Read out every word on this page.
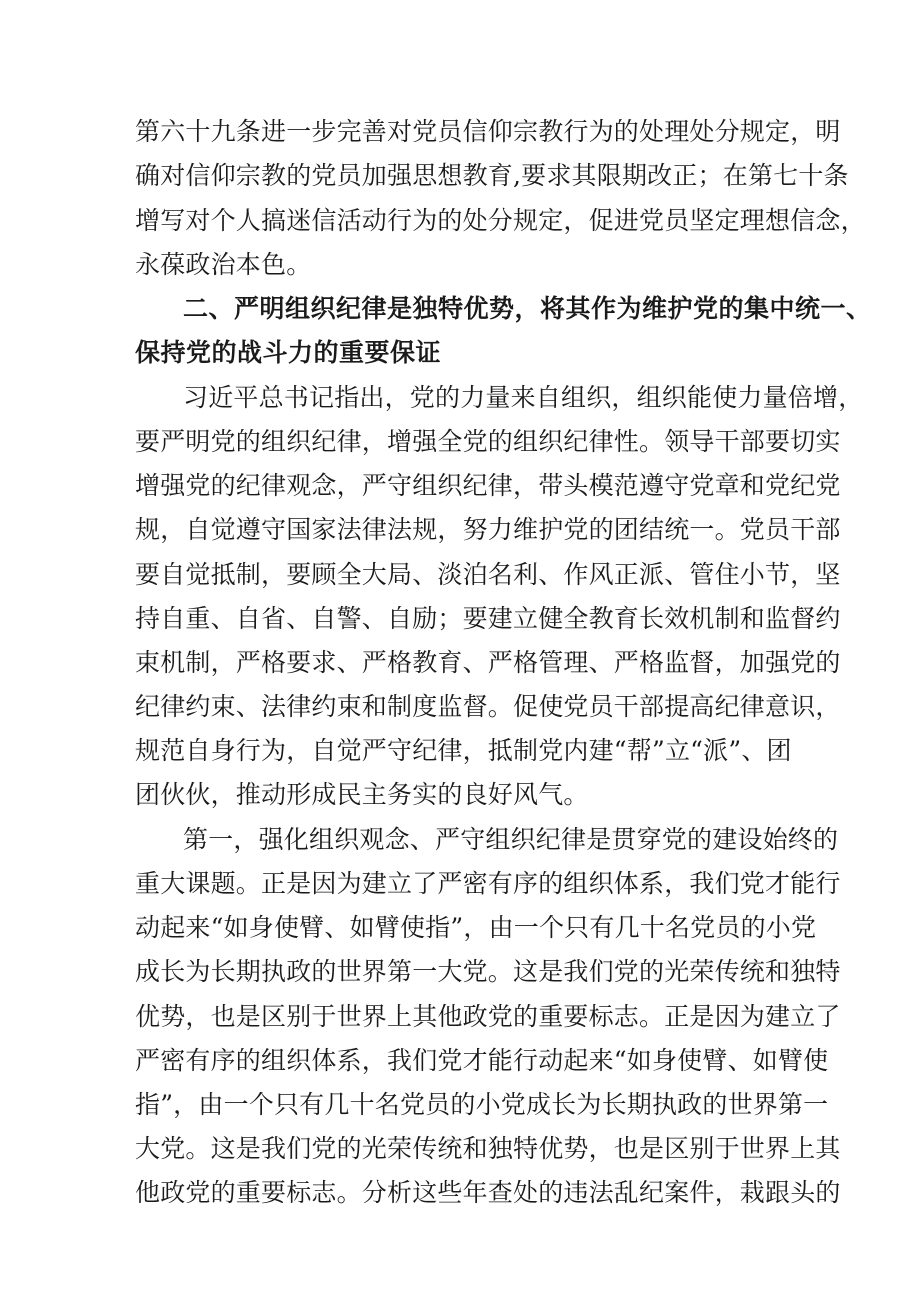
第六十九条进一步完善对党员信仰宗教行为的处理处分规定，明
确对信仰宗教的党员加强思想教育,要求其限期改正；在第七十条
增写对个人搞迷信活动行为的处分规定，促进党员坚定理想信念，
永葆政治本色。
二、严明组织纪律是独特优势，将其作为维护党的集中统一、
保持党的战斗力的重要保证
习近平总书记指出，党的力量来自组织，组织能使力量倍增，
要严明党的组织纪律，增强全党的组织纪律性。领导干部要切实
增强党的纪律观念，严守组织纪律，带头模范遵守党章和党纪党
规，自觉遵守国家法律法规，努力维护党的团结统一。党员干部
要自觉抵制，要顾全大局、淡泊名利、作风正派、管住小节，坚
持自重、自省、自警、自励；要建立健全教育长效机制和监督约
束机制，严格要求、严格教育、严格管理、严格监督，加强党的
纪律约束、法律约束和制度监督。促使党员干部提高纪律意识，
规范自身行为，自觉严守纪律，抵制党内建“帮”立“派”、团
团伙伙，推动形成民主务实的良好风气。
第一，强化组织观念、严守组织纪律是贯穿党的建设始终的
重大课题。正是因为建立了严密有序的组织体系，我们党才能行
动起来“如身使臂、如臂使指”，由一个只有几十名党员的小党
成长为长期执政的世界第一大党。这是我们党的光荣传统和独特
优势，也是区别于世界上其他政党的重要标志。正是因为建立了
严密有序的组织体系，我们党才能行动起来“如身使臂、如臂使
指”，由一个只有几十名党员的小党成长为长期执政的世界第一
大党。这是我们党的光荣传统和独特优势，也是区别于世界上其
他政党的重要标志。分析这些年查处的违法乱纪案件，栽跟头的
